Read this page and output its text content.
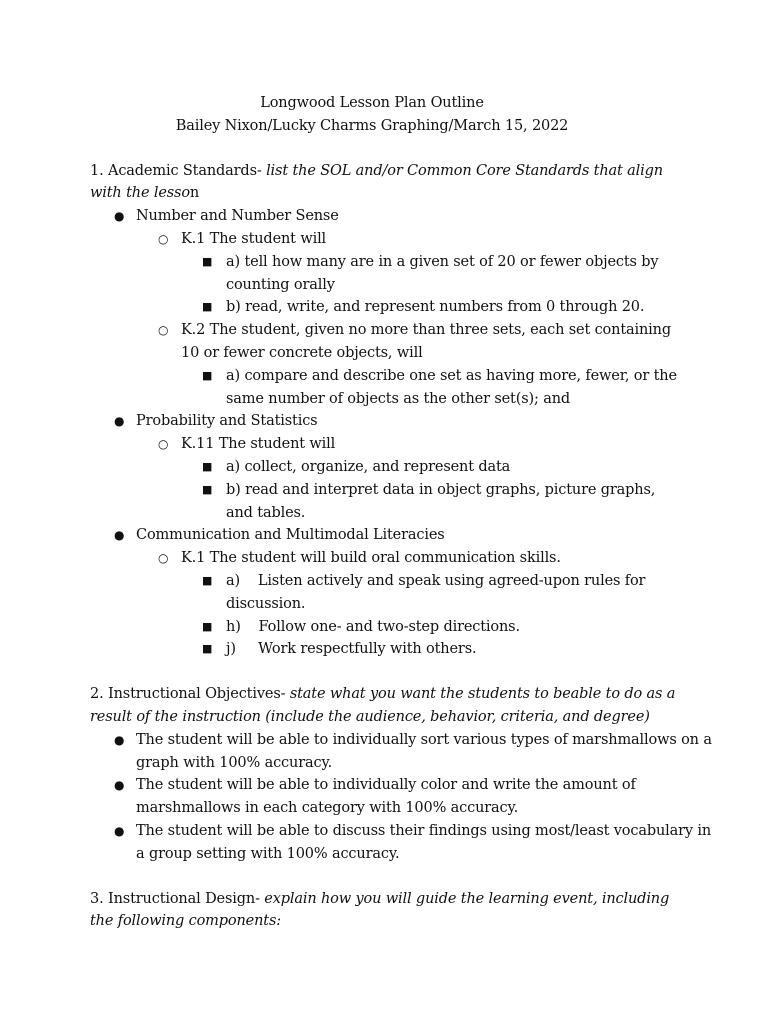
Longwood Lesson Plan Outline

Bailey Nixon/Lucky Charms Graphing/March 15, 2022

1. Academic Standards- list the SOL and/or Common Core Standards that align with the lesson

● Number and Number Sense
○ K.1 The student will
■ a) tell how many are in a given set of 20 or fewer objects by counting orally
■ b) read, write, and represent numbers from 0 through 20.
○ K.2 The student, given no more than three sets, each set containing 10 or fewer concrete objects, will
■ a) compare and describe one set as having more, fewer, or the same number of objects as the other set(s); and
● Probability and Statistics
○ K.11 The student will
■ a) collect, organize, and represent data
■ b) read and interpret data in object graphs, picture graphs, and tables.
● Communication and Multimodal Literacies
○ K.1 The student will build oral communication skills.
■ a)    Listen actively and speak using agreed-upon rules for discussion.
■ h)    Follow one- and two-step directions.
■ j)     Work respectfully with others.

2. Instructional Objectives- state what you want the students to beable to do as a result of the instruction (include the audience, behavior, criteria, and degree)

● The student will be able to individually sort various types of marshmallows on a graph with 100% accuracy.
● The student will be able to individually color and write the amount of marshmallows in each category with 100% accuracy.
● The student will be able to discuss their findings using most/least vocabulary in a group setting with 100% accuracy.

3. Instructional Design- explain how you will guide the learning event, including the following components:
